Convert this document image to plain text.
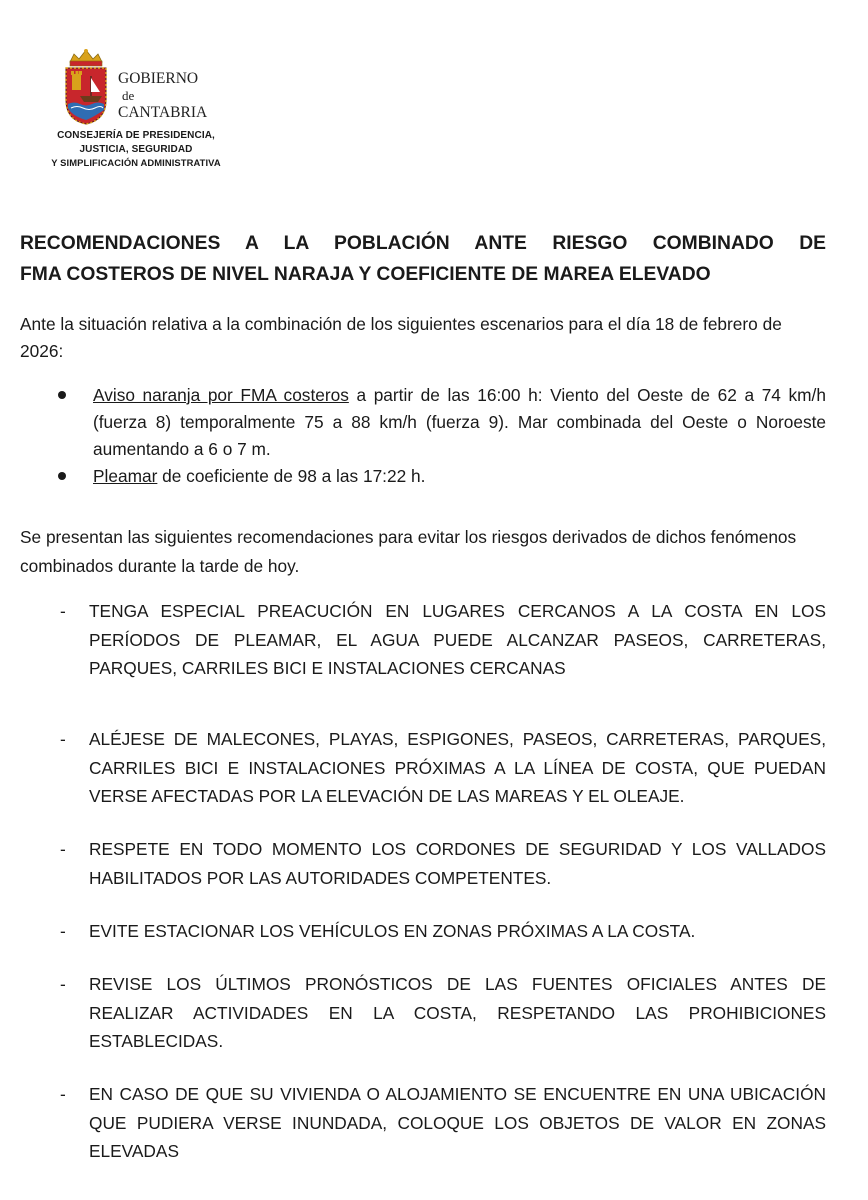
GOBIERNO
de
CANTABRIA
CONSEJERÍA DE PRESIDENCIA,
JUSTICIA, SEGURIDAD
Y SIMPLIFICACIÓN ADMINISTRATIVA
RECOMENDACIONES A LA POBLACIÓN ANTE RIESGO COMBINADO DE
FMA COSTEROS DE NIVEL NARAJA Y COEFICIENTE DE MAREA ELEVADO
Ante la situación relativa a la combinación de los siguientes escenarios para el día 18 de febrero de 2026:
Aviso naranja por FMA costeros a partir de las 16:00 h: Viento del Oeste de 62 a 74 km/h (fuerza 8) temporalmente 75 a 88 km/h (fuerza 9). Mar combinada del Oeste o Noroeste aumentando a 6 o 7 m.
Pleamar de coeficiente de 98 a las 17:22 h.
Se presentan las siguientes recomendaciones para evitar los riesgos derivados de dichos fenómenos combinados durante la tarde de hoy.
- TENGA ESPECIAL PREACUCIÓN EN LUGARES CERCANOS A LA COSTA EN LOS PERÍODOS DE PLEAMAR, EL AGUA PUEDE ALCANZAR PASEOS, CARRETERAS, PARQUES, CARRILES BICI E INSTALACIONES CERCANAS
- ALÉJESE DE MALECONES, PLAYAS, ESPIGONES, PASEOS, CARRETERAS, PARQUES, CARRILES BICI E INSTALACIONES PRÓXIMAS A LA LÍNEA DE COSTA, QUE PUEDAN VERSE AFECTADAS POR LA ELEVACIÓN DE LAS MAREAS Y EL OLEAJE.
- RESPETE EN TODO MOMENTO LOS CORDONES DE SEGURIDAD Y LOS VALLADOS HABILITADOS POR LAS AUTORIDADES COMPETENTES.
- EVITE ESTACIONAR LOS VEHÍCULOS EN ZONAS PRÓXIMAS A LA COSTA.
- REVISE LOS ÚLTIMOS PRONÓSTICOS DE LAS FUENTES OFICIALES ANTES DE REALIZAR ACTIVIDADES EN LA COSTA, RESPETANDO LAS PROHIBICIONES ESTABLECIDAS.
- EN CASO DE QUE SU VIVIENDA O ALOJAMIENTO SE ENCUENTRE EN UNA UBICACIÓN QUE PUDIERA VERSE INUNDADA, COLOQUE LOS OBJETOS DE VALOR EN ZONAS ELEVADAS
